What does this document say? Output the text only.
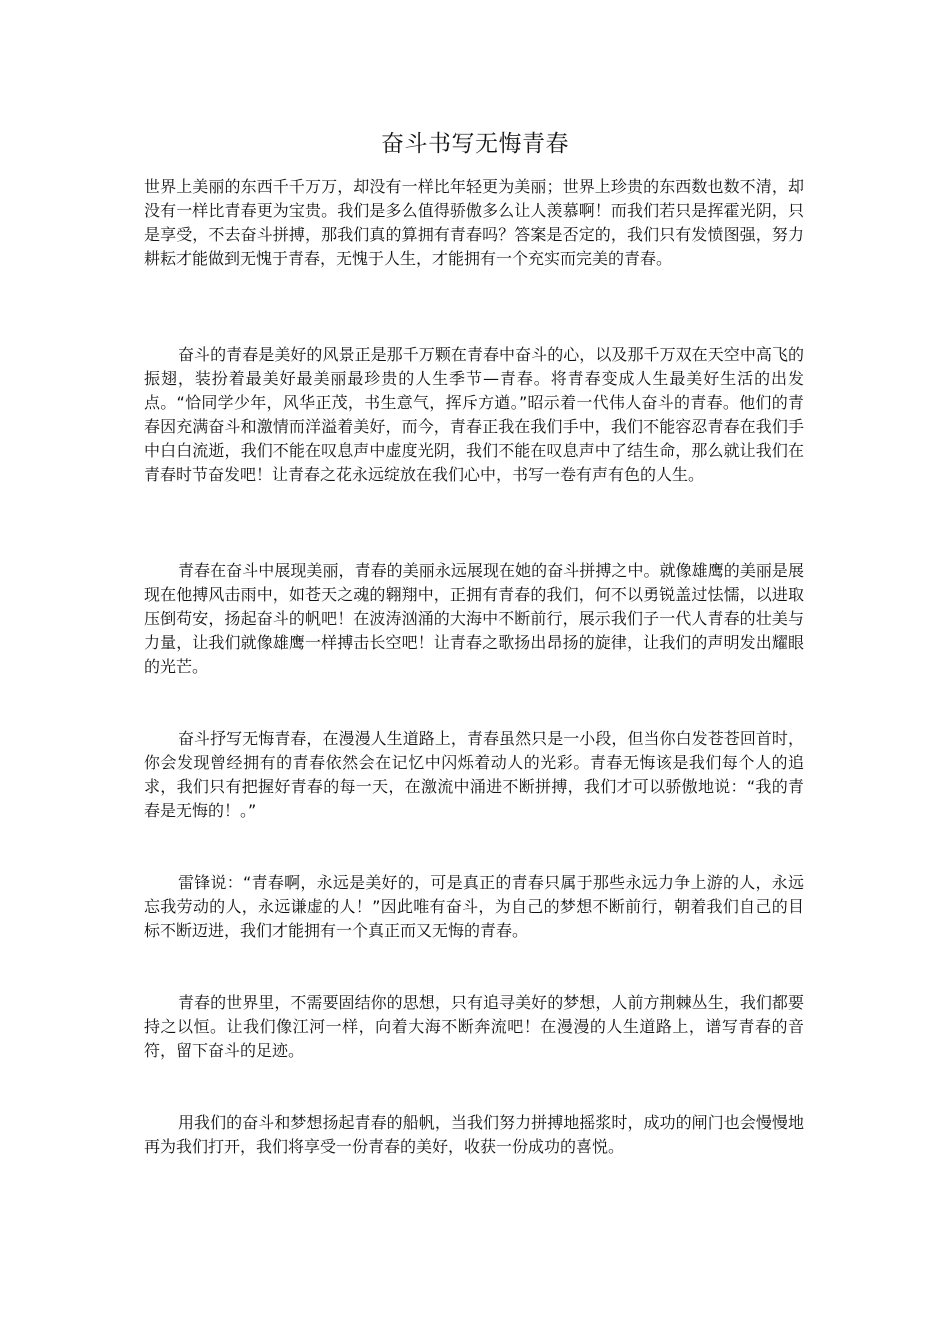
奋斗书写无悔青春

世界上美丽的东西千千万万，却没有一样比年轻更为美丽；世界上珍贵的东西数也数不清，却没有一样比青春更为宝贵。我们是多么值得骄傲多么让人羡慕啊！而我们若只是挥霍光阴，只是享受，不去奋斗拼搏，那我们真的算拥有青春吗？答案是否定的，我们只有发愤图强，努力耕耘才能做到无愧于青春，无愧于人生，才能拥有一个充实而完美的青春。

奋斗的青春是美好的风景正是那千万颗在青春中奋斗的心，以及那千万双在天空中高飞的振翅，装扮着最美好最美丽最珍贵的人生季节—青春。将青春变成人生最美好生活的出发点。“恰同学少年，风华正茂，书生意气，挥斥方遒。”昭示着一代伟人奋斗的青春。他们的青春因充满奋斗和激情而洋溢着美好，而今，青春正我在我们手中，我们不能容忍青春在我们手中白白流逝，我们不能在叹息声中虚度光阴，我们不能在叹息声中了结生命，那么就让我们在青春时节奋发吧！让青春之花永远绽放在我们心中，书写一卷有声有色的人生。

青春在奋斗中展现美丽，青春的美丽永远展现在她的奋斗拼搏之中。就像雄鹰的美丽是展现在他搏风击雨中，如苍天之魂的翱翔中，正拥有青春的我们，何不以勇锐盖过怯懦，以进取压倒苟安，扬起奋斗的帆吧！在波涛汹涌的大海中不断前行，展示我们子一代人青春的壮美与力量，让我们就像雄鹰一样搏击长空吧！让青春之歌扬出昂扬的旋律，让我们的声明发出耀眼的光芒。

奋斗抒写无悔青春，在漫漫人生道路上，青春虽然只是一小段，但当你白发苍苍回首时，你会发现曾经拥有的青春依然会在记忆中闪烁着动人的光彩。青春无悔该是我们每个人的追求，我们只有把握好青春的每一天，在激流中涌进不断拼搏，我们才可以骄傲地说：“我的青春是无悔的！。”

雷锋说：“青春啊，永远是美好的，可是真正的青春只属于那些永远力争上游的人，永远忘我劳动的人，永远谦虚的人！”因此唯有奋斗，为自己的梦想不断前行，朝着我们自己的目标不断迈进，我们才能拥有一个真正而又无悔的青春。

青春的世界里，不需要固结你的思想，只有追寻美好的梦想，人前方荆棘丛生，我们都要持之以恒。让我们像江河一样，向着大海不断奔流吧！在漫漫的人生道路上，谱写青春的音符，留下奋斗的足迹。

用我们的奋斗和梦想扬起青春的船帆，当我们努力拼搏地摇浆时，成功的闸门也会慢慢地再为我们打开，我们将享受一份青春的美好，收获一份成功的喜悦。
